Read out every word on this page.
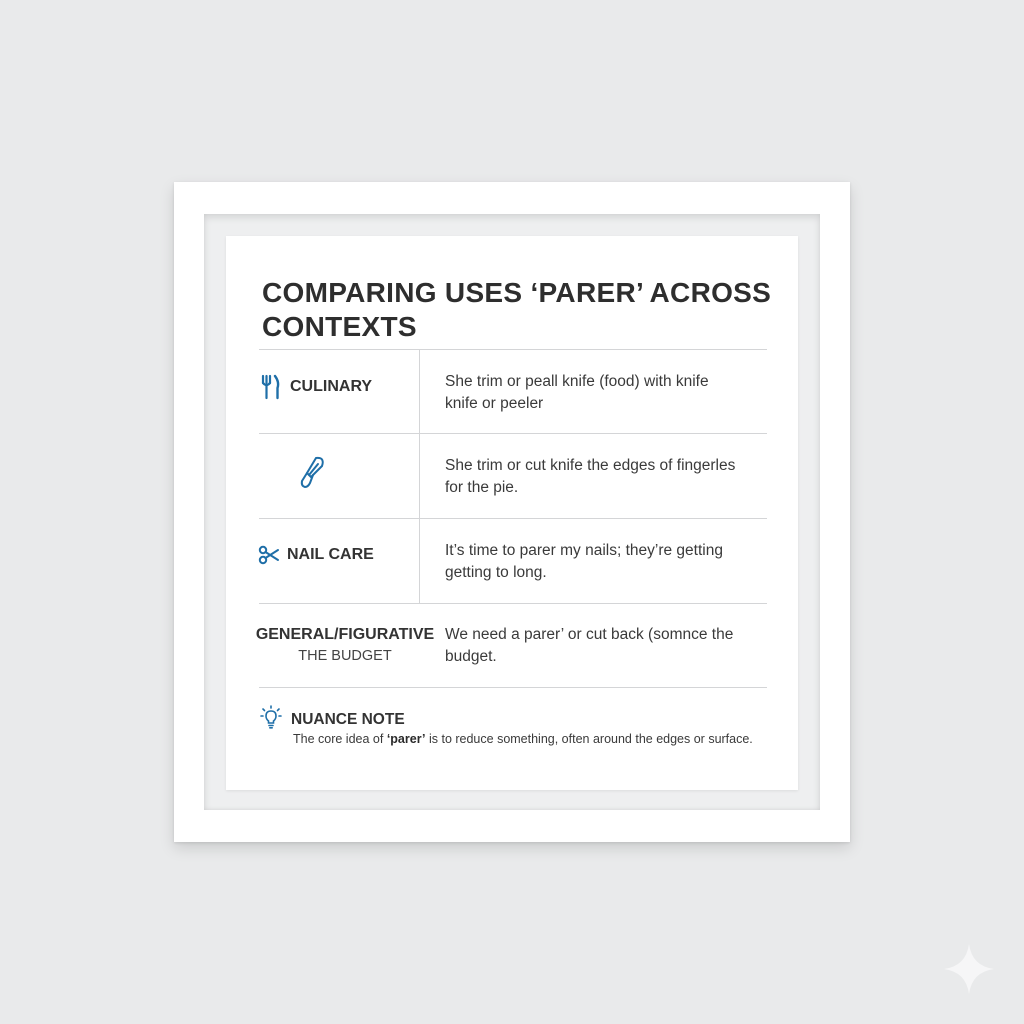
COMPARING USES ‘PARER’ ACROSS CONTEXTS
CULINARY	She trim or peall knife (food) with knife knife or peeler
She trim or cut knife the edges of fingerles for the pie.
NAIL CARE	It’s time to parer my nails; they’re getting getting to long.
GENERAL/FIGURATIVE
THE BUDGET
We need a parer’ or cut back (somnce the budget.
NUANCE NOTE
The core idea of ‘parer’ is to reduce something, often around the edges or surface.
